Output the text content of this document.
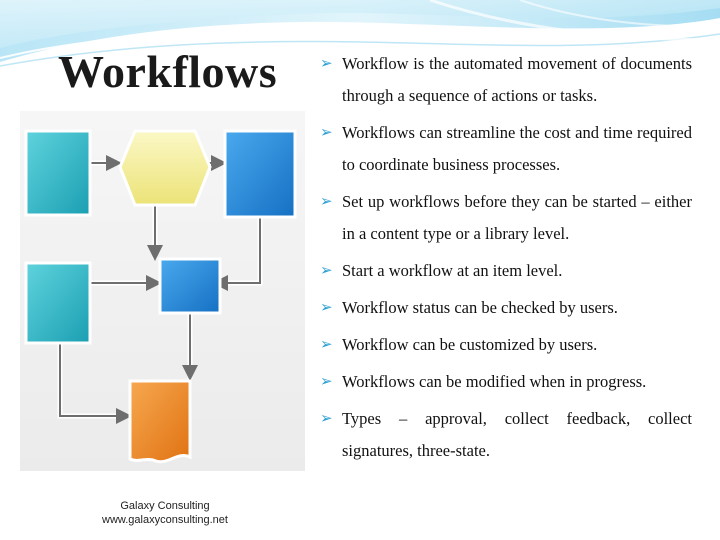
Workflows	➢ Workflow is the automated movement of documents through a sequence of actions or tasks.
➢ Workflows can streamline the cost and time required to coordinate business processes.
➢ Set up workflows before they can be started – either in a content type or a library level.
➢ Start a workflow at an item level.
➢ Workflow status can be checked by users.
➢ Workflow can be customized by users.
➢ Workflows can be modified when in progress.
➢ Types – approval, collect feedback, collect signatures, three-state.
Galaxy Consulting
www.galaxyconsulting.net
